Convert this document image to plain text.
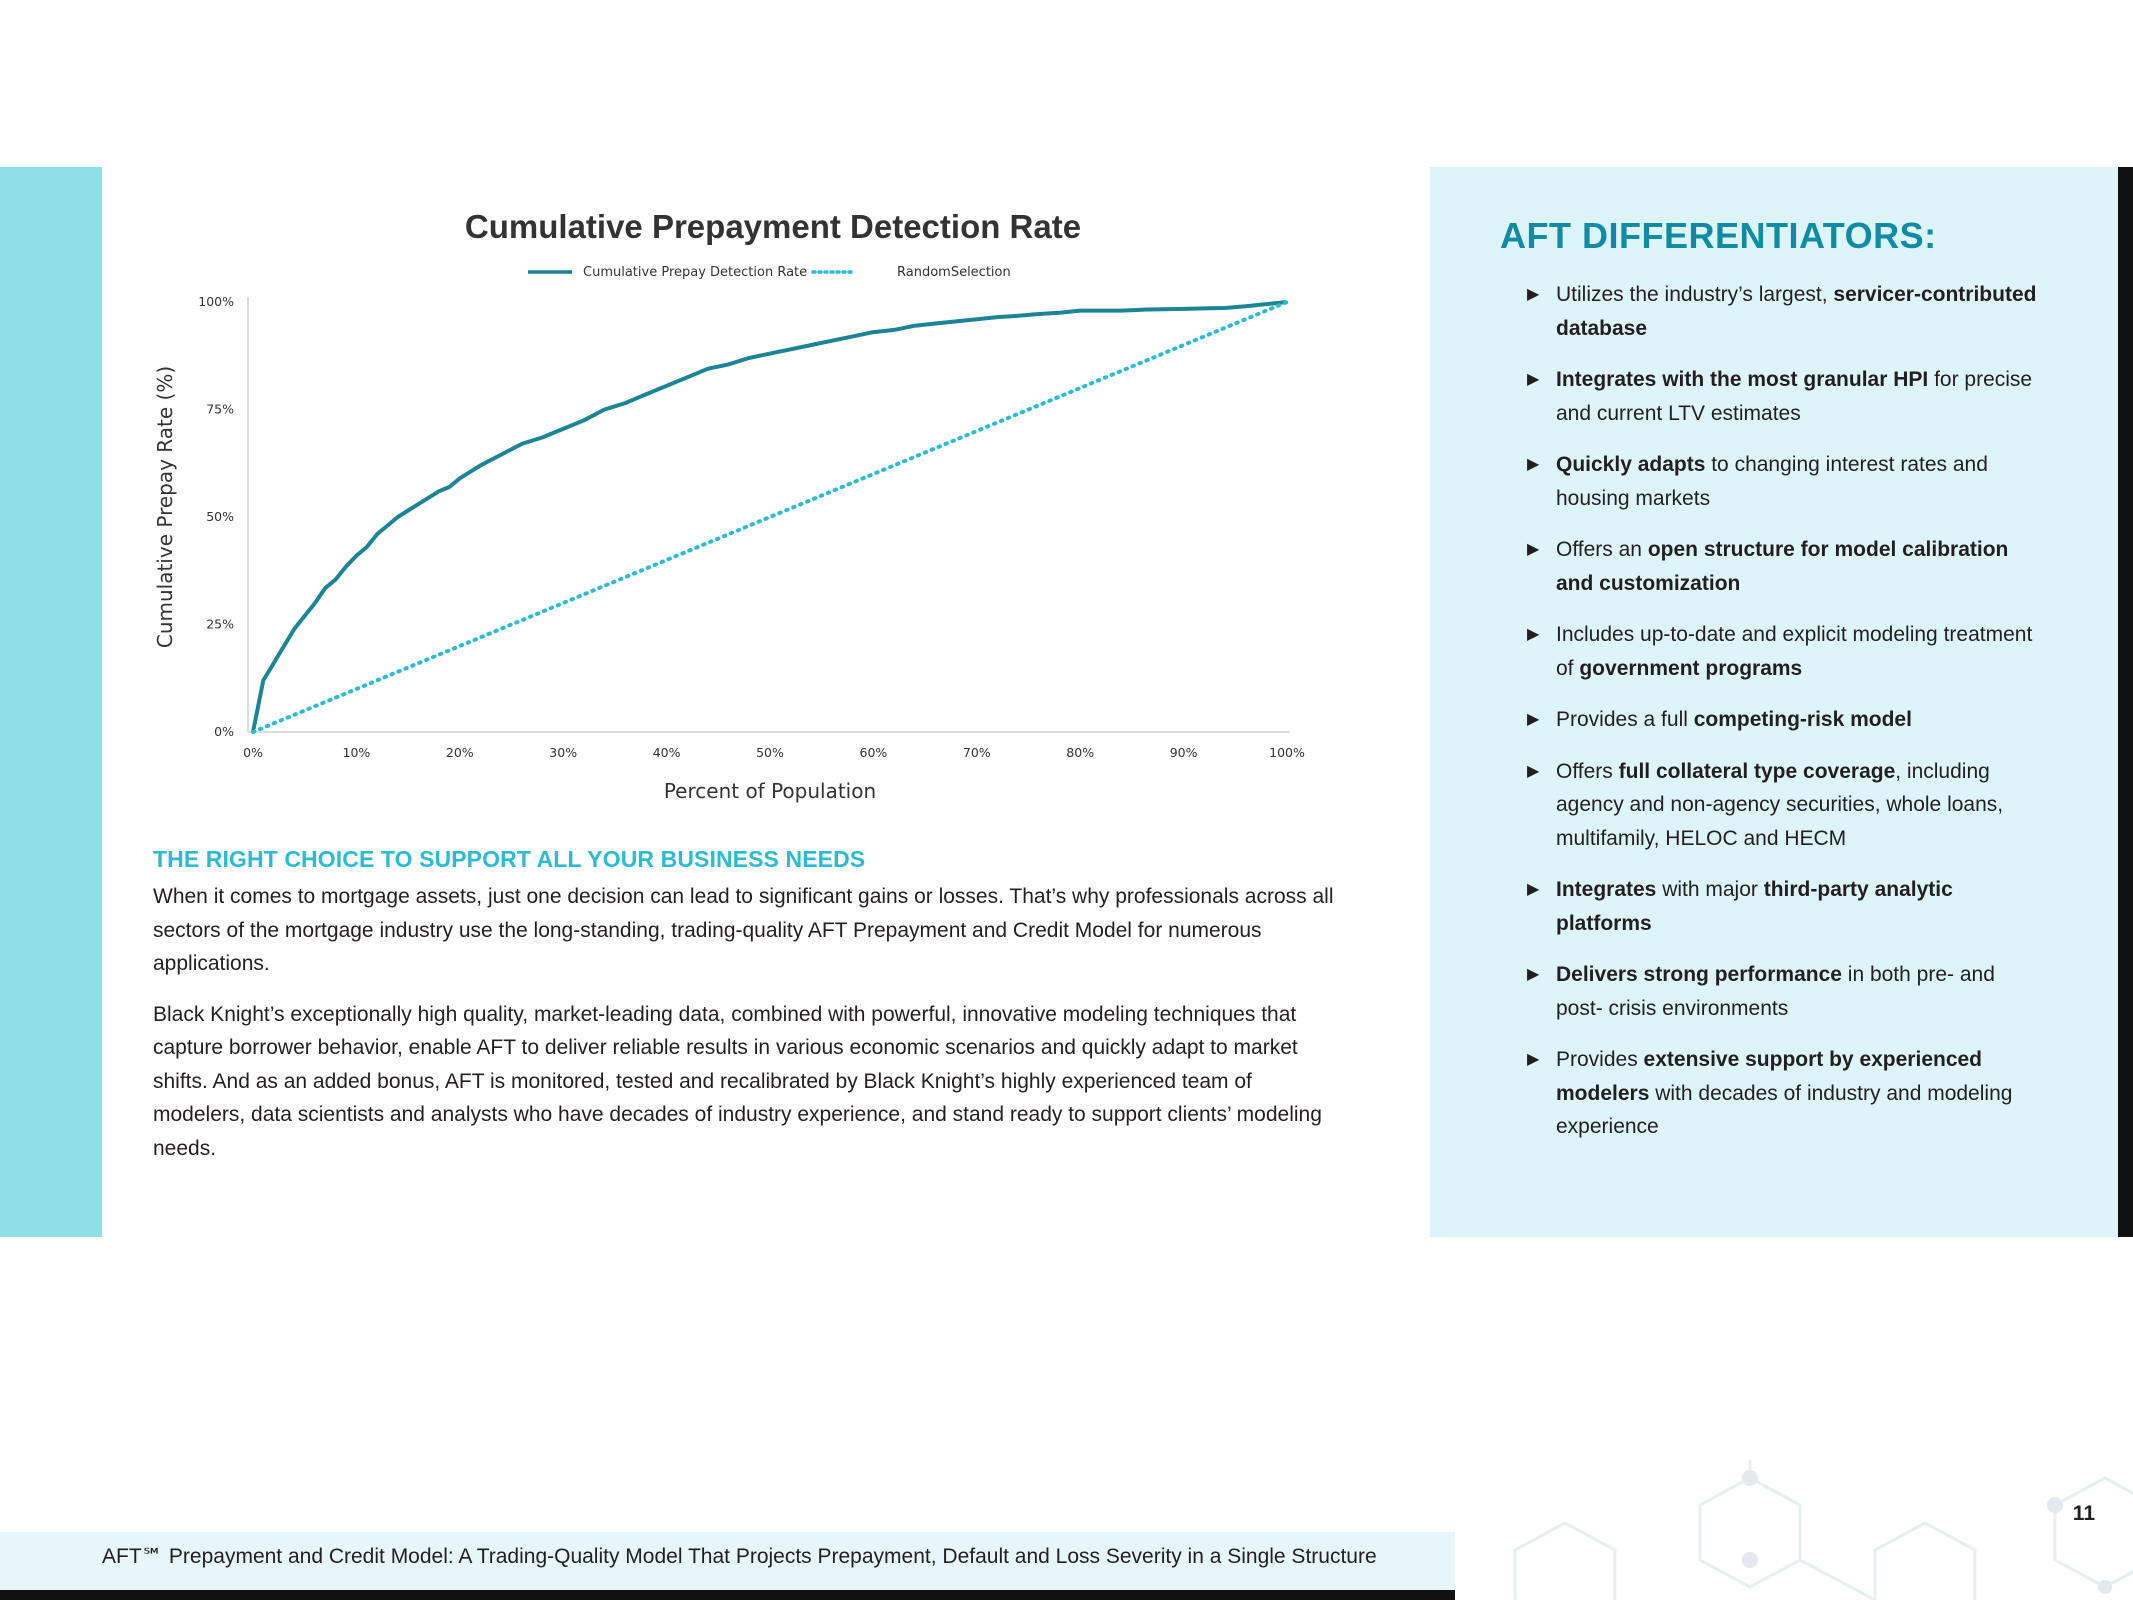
Cumulative Prepayment Detection Rate
Cumulative Prepay Detection Rate	RandomSelection
0%
25%
50%
75%
100%
0%	10%	20%	30%	40%	50%	60%	70%	80%	90%	100%
Percent of Population
Cumulative Prepay Rate (%)
THE RIGHT CHOICE TO SUPPORT ALL YOUR BUSINESS NEEDS

When it comes to mortgage assets, just one decision can lead to significant gains or losses. That’s why professionals across all sectors of the mortgage industry use the long-standing, trading-quality AFT Prepayment and Credit Model for numerous applications.

Black Knight’s exceptionally high quality, market-leading data, combined with powerful, innovative modeling techniques that capture borrower behavior, enable AFT to deliver reliable results in various economic scenarios and quickly adapt to market shifts. And as an added bonus, AFT is monitored, tested and recalibrated by Black Knight’s highly experienced team of modelers, data scientists and analysts who have decades of industry experience, and stand ready to support clients’ modeling needs.

AFT DIFFERENTIATORS:
▶ Utilizes the industry’s largest, servicer-contributed database
▶ Integrates with the most granular HPI for precise and current LTV estimates
▶ Quickly adapts to changing interest rates and housing markets
▶ Offers an open structure for model calibration and customization
▶ Includes up-to-date and explicit modeling treatment of government programs
▶ Provides a full competing-risk model
▶ Offers full collateral type coverage, including agency and non-agency securities, whole loans, multifamily, HELOC and HECM
▶ Integrates with major third-party analytic platforms
▶ Delivers strong performance in both pre- and post- crisis environments
▶ Provides extensive support by experienced modelers with decades of industry and modeling experience
AFT℠ Prepayment and Credit Model: A Trading-Quality Model That Projects Prepayment, Default and Loss Severity in a Single Structure
11
